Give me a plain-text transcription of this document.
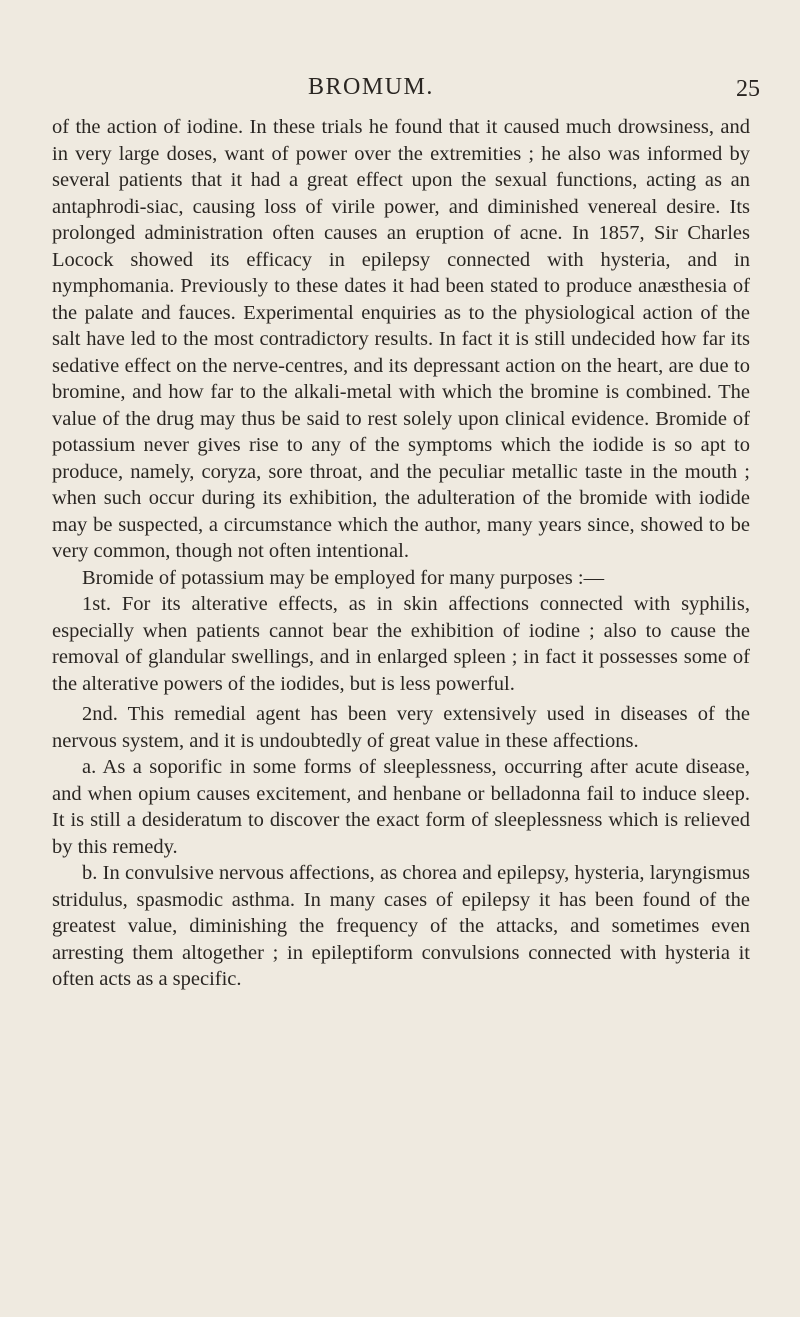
BROMUM.	25

of the action of iodine. In these trials he found that it caused much drowsiness, and in very large doses, want of power over the extremities ; he also was informed by several patients that it had a great effect upon the sexual functions, acting as an antaphrodi-siac, causing loss of virile power, and diminished venereal desire. Its prolonged administration often causes an eruption of acne. In 1857, Sir Charles Locock showed its efficacy in epilepsy connected with hysteria, and in nymphomania. Previously to these dates it had been stated to produce anæsthesia of the palate and fauces. Experimental enquiries as to the physiological action of the salt have led to the most contradictory results. In fact it is still undecided how far its sedative effect on the nerve-centres, and its depressant action on the heart, are due to bromine, and how far to the alkali-metal with which the bromine is combined. The value of the drug may thus be said to rest solely upon clinical evidence. Bromide of potassium never gives rise to any of the symptoms which the iodide is so apt to produce, namely, coryza, sore throat, and the peculiar metallic taste in the mouth ; when such occur during its exhibition, the adulteration of the bromide with iodide may be suspected, a circumstance which the author, many years since, showed to be very common, though not often intentional.

Bromide of potassium may be employed for many purposes :—

1st. For its alterative effects, as in skin affections connected with syphilis, especially when patients cannot bear the exhibition of iodine ; also to cause the removal of glandular swellings, and in enlarged spleen ; in fact it possesses some of the alterative powers of the iodides, but is less powerful.

2nd. This remedial agent has been very extensively used in diseases of the nervous system, and it is undoubtedly of great value in these affections.

a. As a soporific in some forms of sleeplessness, occurring after acute disease, and when opium causes excitement, and henbane or belladonna fail to induce sleep. It is still a desideratum to discover the exact form of sleeplessness which is relieved by this remedy.

b. In convulsive nervous affections, as chorea and epilepsy, hysteria, laryngismus stridulus, spasmodic asthma. In many cases of epilepsy it has been found of the greatest value, diminishing the frequency of the attacks, and sometimes even arresting them altogether ; in epileptiform convulsions connected with hysteria it often acts as a specific.
